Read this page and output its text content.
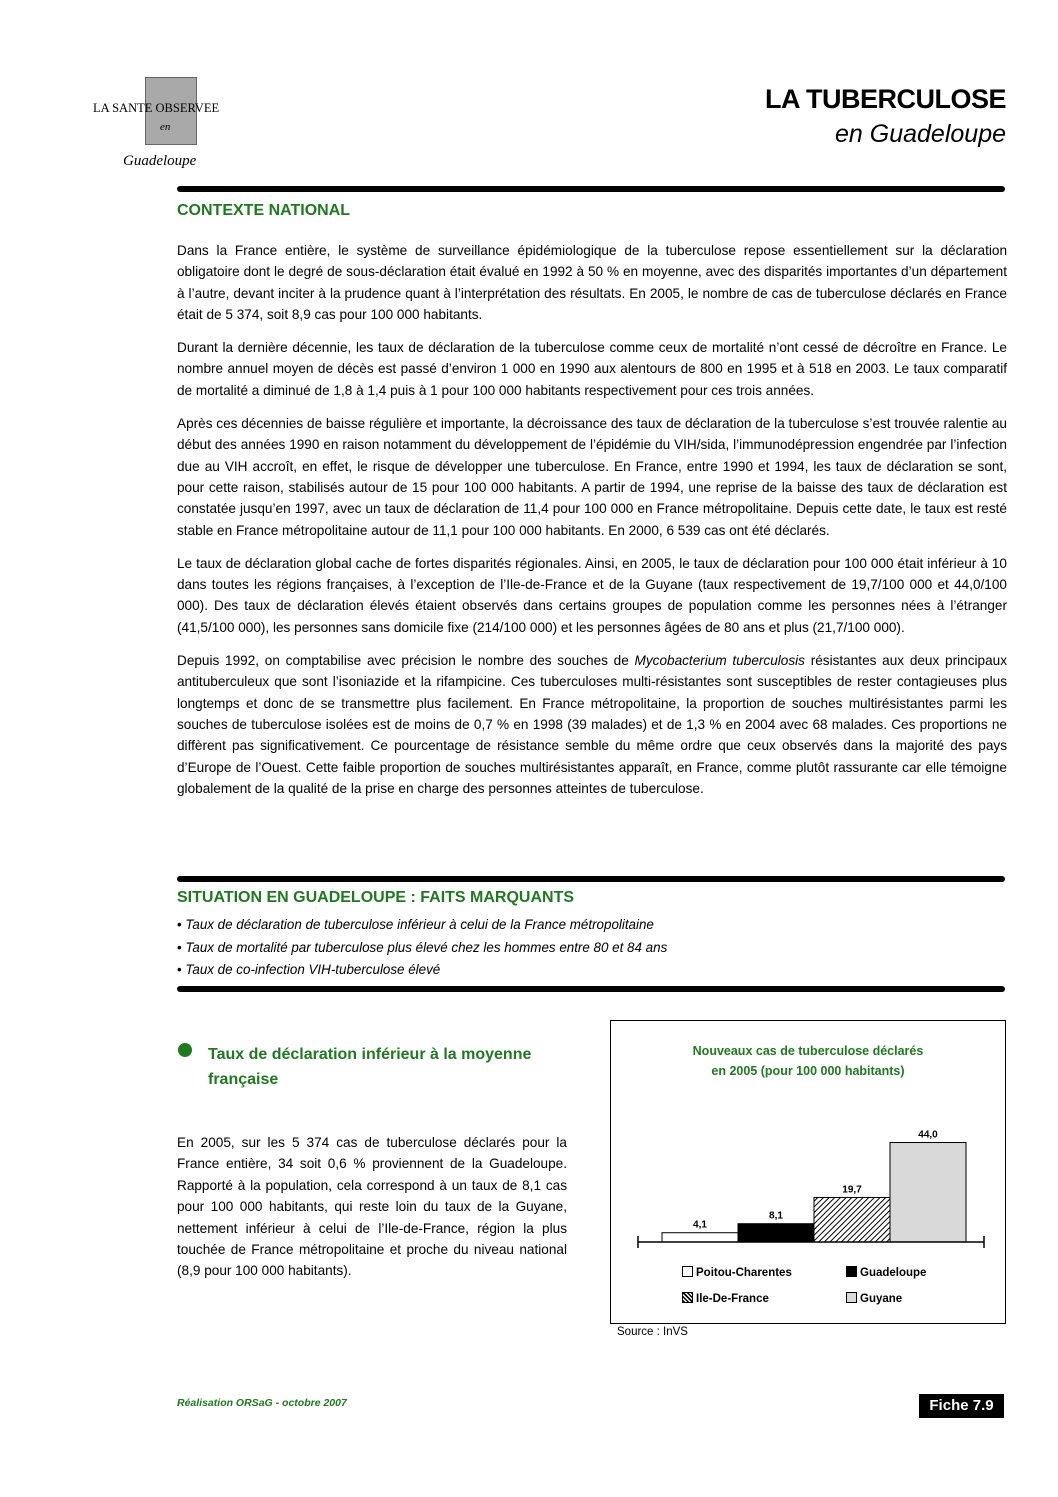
LA SANTE OBSERVEE
en
Guadeloupe
LA TUBERCULOSE
en Guadeloupe
CONTEXTE NATIONAL

Dans la France entière, le système de surveillance épidémiologique de la tuberculose repose essentiellement sur la déclaration obligatoire dont le degré de sous-déclaration était évalué en 1992 à 50 % en moyenne, avec des disparités importantes d’un département à l’autre, devant inciter à la prudence quant à l’interprétation des résultats. En 2005, le nombre de cas de tuberculose déclarés en France était de 5 374, soit 8,9 cas pour 100 000 habitants.

Durant la dernière décennie, les taux de déclaration de la tuberculose comme ceux de mortalité n’ont cessé de décroître en France. Le nombre annuel moyen de décès est passé d’environ 1 000 en 1990 aux alentours de 800 en 1995 et à 518 en 2003. Le taux comparatif de mortalité a diminué de 1,8 à 1,4 puis à 1 pour 100 000 habitants respectivement pour ces trois années.

Après ces décennies de baisse régulière et importante, la décroissance des taux de déclaration de la tuberculose s’est trouvée ralentie au début des années 1990 en raison notamment du développement de l’épidémie du VIH/sida, l’immunodépression engendrée par l’infection due au VIH accroît, en effet, le risque de développer une tuberculose. En France, entre 1990 et 1994, les taux de déclaration se sont, pour cette raison, stabilisés autour de 15 pour 100 000 habitants. A partir de 1994, une reprise de la baisse des taux de déclaration est constatée jusqu’en 1997, avec un taux de déclaration de 11,4 pour 100 000 en France métropolitaine. Depuis cette date, le taux est resté stable en France métropolitaine autour de 11,1 pour 100 000 habitants. En 2000, 6 539 cas ont été déclarés.

Le taux de déclaration global cache de fortes disparités régionales. Ainsi, en 2005, le taux de déclaration pour 100 000 était inférieur à 10 dans toutes les régions françaises, à l’exception de l’Ile-de-France et de la Guyane (taux respectivement de 19,7/100 000 et 44,0/100 000). Des taux de déclaration élevés étaient observés dans certains groupes de population comme les personnes nées à l’étranger (41,5/100 000), les personnes sans domicile fixe (214/100 000) et les personnes âgées de 80 ans et plus (21,7/100 000).

Depuis 1992, on comptabilise avec précision le nombre des souches de Mycobacterium tuberculosis résistantes aux deux principaux antituberculeux que sont l’isoniazide et la rifampicine. Ces tuberculoses multi-résistantes sont susceptibles de rester contagieuses plus longtemps et donc de se transmettre plus facilement. En France métropolitaine, la proportion de souches multirésistantes parmi les souches de tuberculose isolées est de moins de 0,7 % en 1998 (39 malades) et de 1,3 % en 2004 avec 68 malades. Ces proportions ne diffèrent pas significativement. Ce pourcentage de résistance semble du même ordre que ceux observés dans la majorité des pays d’Europe de l’Ouest. Cette faible proportion de souches multirésistantes apparaît, en France, comme plutôt rassurante car elle témoigne globalement de la qualité de la prise en charge des personnes atteintes de tuberculose.

SITUATION EN GUADELOUPE : FAITS MARQUANTS
• Taux de déclaration de tuberculose inférieur à celui de la France métropolitaine
• Taux de mortalité par tuberculose plus élevé chez les hommes entre 80 et 84 ans
• Taux de co-infection VIH-tuberculose élevé
Taux de déclaration inférieur à la moyenne française
En 2005, sur les 5 374 cas de tuberculose déclarés pour la France entière, 34 soit 0,6 % proviennent de la Guadeloupe. Rapporté à la population, cela correspond à un taux de 8,1 cas pour 100 000 habitants, qui reste loin du taux de la Guyane, nettement inférieur à celui de l’Ile-de-France, région la plus touchée de France métropolitaine et proche du niveau national (8,9 pour 100 000 habitants).
Nouveaux cas de tuberculose déclarés
en 2005 (pour 100 000 habitants)
4,1
8,1
19,7
44,0
Poitou-Charentes	Guadeloupe
Ile-De-France	Guyane
Source : InVS
Réalisation ORSaG - octobre 2007	Fiche 7.9
